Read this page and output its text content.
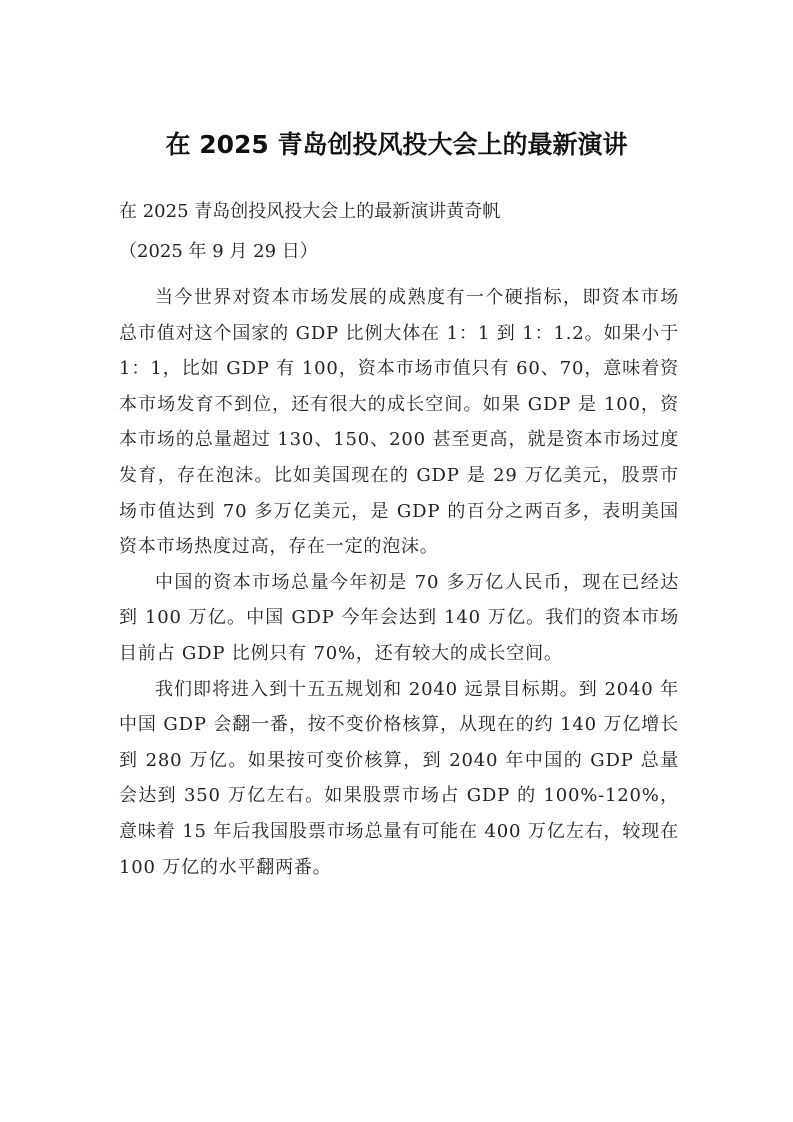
在 2025 青岛创投风投大会上的最新演讲

在 2025 青岛创投风投大会上的最新演讲黄奇帆

（2025 年 9 月 29 日）

当今世界对资本市场发展的成熟度有一个硬指标，即资本市场总市值对这个国家的 GDP 比例大体在 1：1 到 1：1.2。如果小于 1：1，比如 GDP 有 100，资本市场市值只有 60、70，意味着资本市场发育不到位，还有很大的成长空间。如果 GDP 是 100，资本市场的总量超过 130、150、200 甚至更高，就是资本市场过度发育，存在泡沫。比如美国现在的 GDP 是 29 万亿美元，股票市场市值达到 70 多万亿美元，是 GDP 的百分之两百多，表明美国资本市场热度过高，存在一定的泡沫。

中国的资本市场总量今年初是 70 多万亿人民币，现在已经达到 100 万亿。中国 GDP 今年会达到 140 万亿。我们的资本市场目前占 GDP 比例只有 70%，还有较大的成长空间。

我们即将进入到十五五规划和 2040 远景目标期。到 2040 年中国 GDP 会翻一番，按不变价格核算，从现在的约 140 万亿增长到 280 万亿。如果按可变价核算，到 2040 年中国的 GDP 总量会达到 350 万亿左右。如果股票市场占 GDP 的 100%-120%，意味着 15 年后我国股票市场总量有可能在 400 万亿左右，较现在 100 万亿的水平翻两番。
